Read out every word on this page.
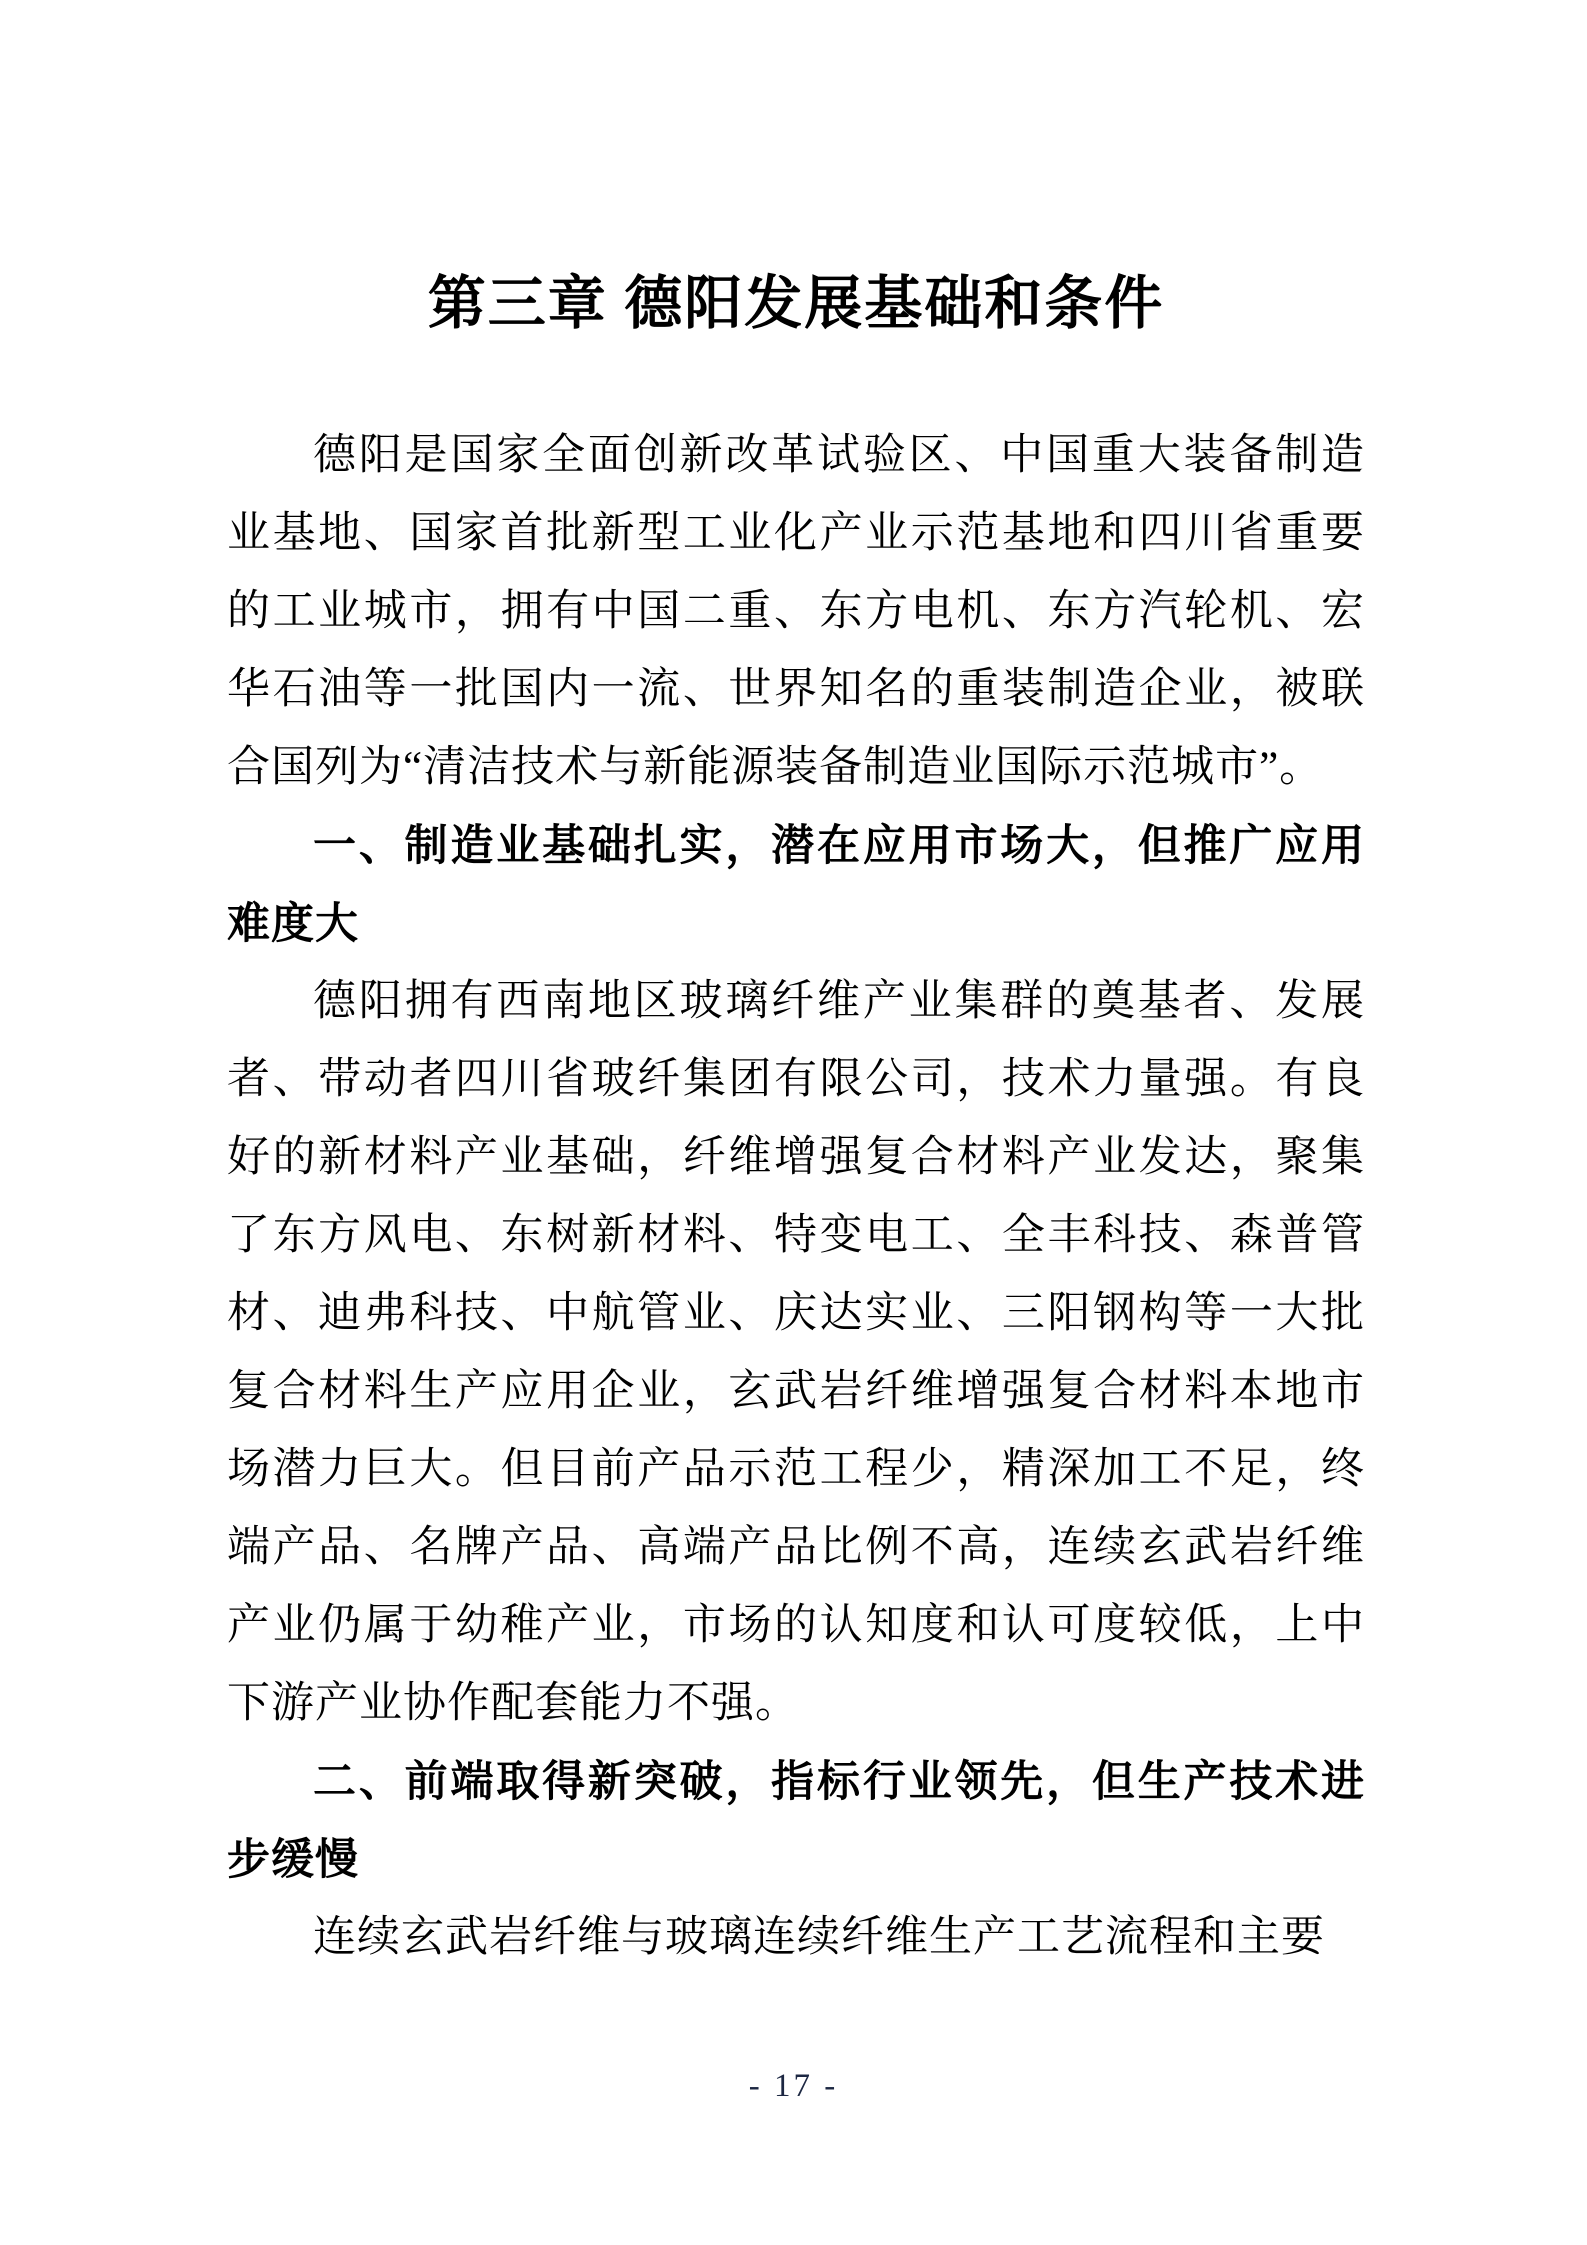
第三章 德阳发展基础和条件

德阳是国家全面创新改革试验区、中国重大装备制造业基地、国家首批新型工业化产业示范基地和四川省重要的工业城市，拥有中国二重、东方电机、东方汽轮机、宏华石油等一批国内一流、世界知名的重装制造企业，被联合国列为“清洁技术与新能源装备制造业国际示范城市”。

一、制造业基础扎实，潜在应用市场大，但推广应用难度大

德阳拥有西南地区玻璃纤维产业集群的奠基者、发展者、带动者四川省玻纤集团有限公司，技术力量强。有良好的新材料产业基础，纤维增强复合材料产业发达，聚集了东方风电、东树新材料、特变电工、全丰科技、森普管材、迪弗科技、中航管业、庆达实业、三阳钢构等一大批复合材料生产应用企业，玄武岩纤维增强复合材料本地市场潜力巨大。但目前产品示范工程少，精深加工不足，终端产品、名牌产品、高端产品比例不高，连续玄武岩纤维产业仍属于幼稚产业，市场的认知度和认可度较低，上中下游产业协作配套能力不强。

二、前端取得新突破，指标行业领先，但生产技术进步缓慢

连续玄武岩纤维与玻璃连续纤维生产工艺流程和主要

- 17 -
